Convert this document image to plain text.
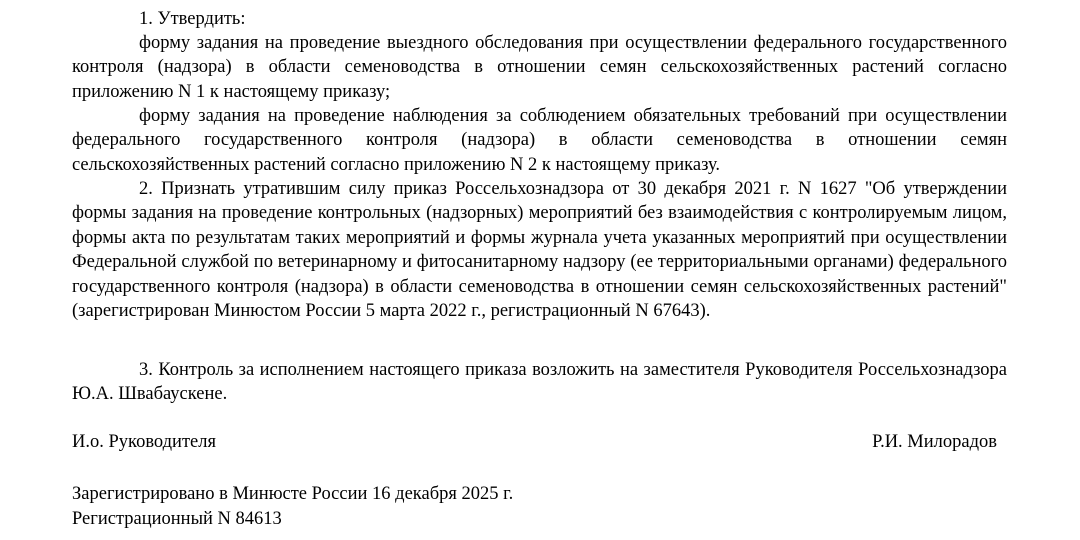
1. Утвердить:

форму задания на проведение выездного обследования при осуществлении федерального государственного контроля (надзора) в области семеноводства в отношении семян сельскохозяйственных растений согласно приложению N 1 к настоящему приказу;

форму задания на проведение наблюдения за соблюдением обязательных требований при осуществлении федерального государственного контроля (надзора) в области семеноводства в отношении семян сельскохозяйственных растений согласно приложению N 2 к настоящему приказу.

2. Признать утратившим силу приказ Россельхознадзора от 30 декабря 2021 г. N 1627 "Об утверждении формы задания на проведение контрольных (надзорных) мероприятий без взаимодействия с контролируемым лицом, формы акта по результатам таких мероприятий и формы журнала учета указанных мероприятий при осуществлении Федеральной службой по ветеринарному и фитосанитарному надзору (ее территориальными органами) федерального государственного контроля (надзора) в области семеноводства в отношении семян сельскохозяйственных растений" (зарегистрирован Минюстом России 5 марта 2022 г., регистрационный N 67643).

3. Контроль за исполнением настоящего приказа возложить на заместителя Руководителя Россельхознадзора Ю.А. Швабаускене.

И.о. Руководителя	Р.И. Милорадов
Зарегистрировано в Минюсте России 16 декабря 2025 г.
Регистрационный N 84613
